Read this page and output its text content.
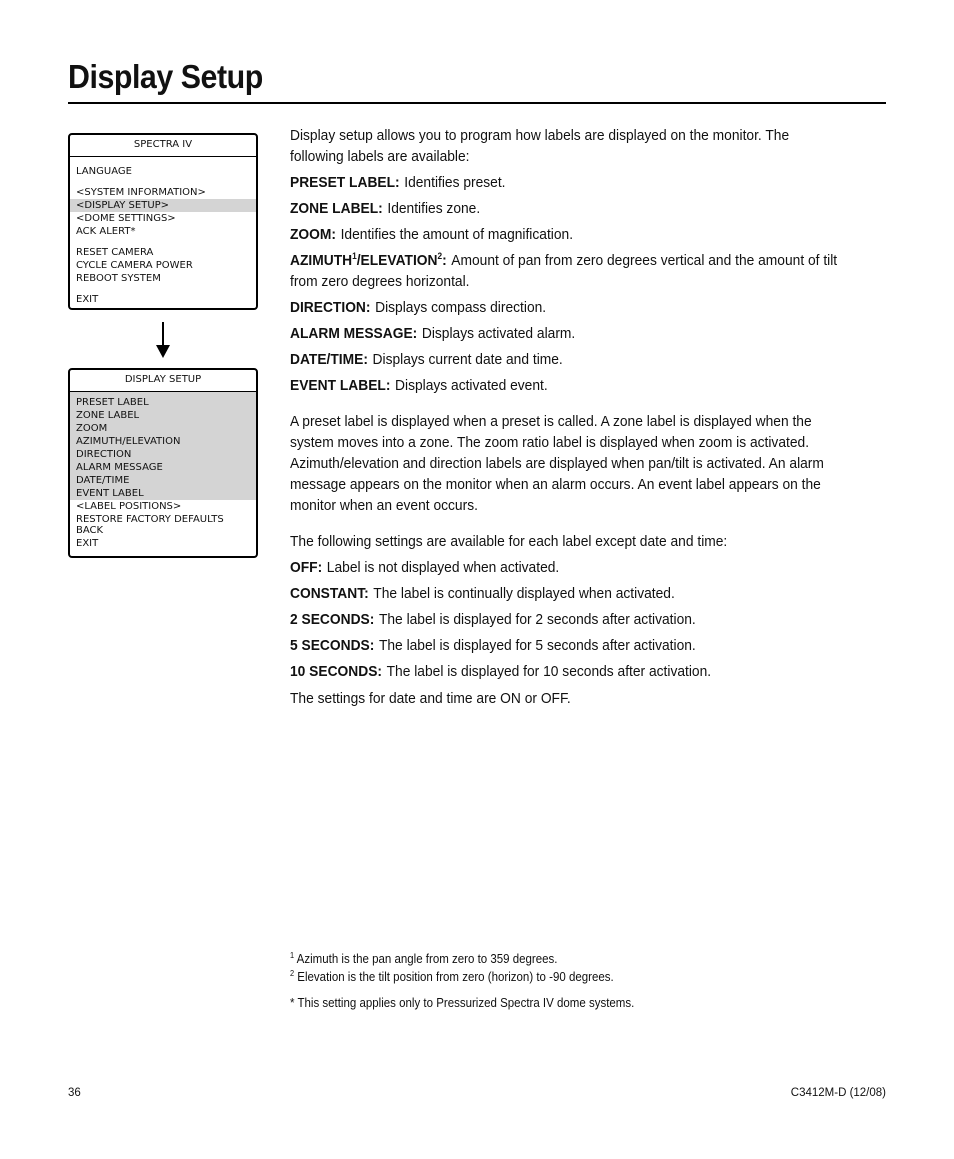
Display Setup
SPECTRA IV
LANGUAGE
<SYSTEM INFORMATION>
<DISPLAY SETUP>
<DOME SETTINGS>
ACK ALERT*
RESET CAMERA
CYCLE CAMERA POWER
REBOOT SYSTEM
EXIT
DISPLAY SETUP
PRESET LABEL
ZONE LABEL
ZOOM
AZIMUTH/ELEVATION
DIRECTION
ALARM MESSAGE
DATE/TIME
EVENT LABEL
<LABEL POSITIONS>
RESTORE FACTORY DEFAULTS
BACK
EXIT

Display setup allows you to program how labels are displayed on the monitor. The following labels are available:

PRESET LABEL: Identifies preset.

ZONE LABEL: Identifies zone.

ZOOM: Identifies the amount of magnification.

AZIMUTH$^1$/ELEVATION$^2$: Amount of pan from zero degrees vertical and the amount of tilt from zero degrees horizontal.

DIRECTION: Displays compass direction.

ALARM MESSAGE: Displays activated alarm.

DATE/TIME: Displays current date and time.

EVENT LABEL: Displays activated event.

A preset label is displayed when a preset is called. A zone label is displayed when the system moves into a zone. The zoom ratio label is displayed when zoom is activated. Azimuth/elevation and direction labels are displayed when pan/tilt is activated. An alarm message appears on the monitor when an alarm occurs. An event label appears on the monitor when an event occurs.

The following settings are available for each label except date and time:

OFF: Label is not displayed when activated.

CONSTANT: The label is continually displayed when activated.

2 SECONDS: The label is displayed for 2 seconds after activation.

5 SECONDS: The label is displayed for 5 seconds after activation.

10 SECONDS: The label is displayed for 10 seconds after activation.

The settings for date and time are ON or OFF.

$^1$ Azimuth is the pan angle from zero to 359 degrees.
$^2$ Elevation is the tilt position from zero (horizon) to -90 degrees.
* This setting applies only to Pressurized Spectra IV dome systems.
36	C3412M-D (12/08)
